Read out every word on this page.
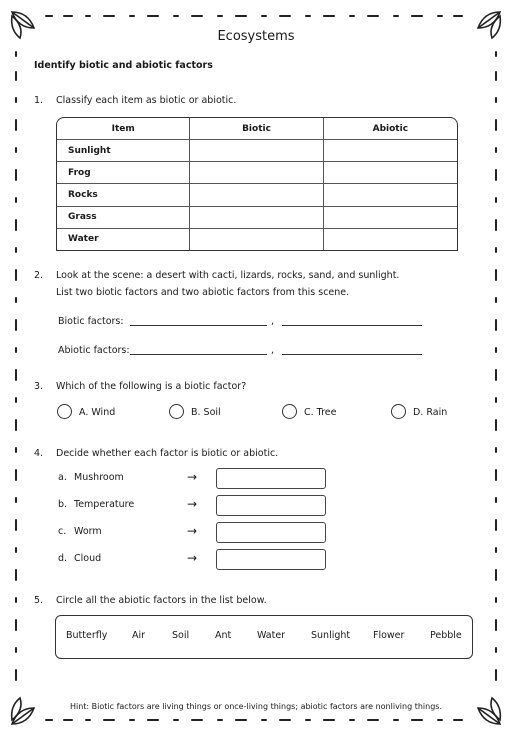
Ecosystems
Identify biotic and abiotic factors
1. Classify each item as biotic or abiotic.
Item	Biotic	Abiotic
Sunlight		
Frog		
Rocks		
Grass		
Water		
2. Look at the scene: a desert with cacti, lizards, rocks, sand, and sunlight.
List two biotic factors and two abiotic factors from this scene.
Biotic factors:	,
Abiotic factors:	,
3. Which of the following is a biotic factor?
A. Wind	B. Soil	C. Tree	D. Rain
4. Decide whether each factor is biotic or abiotic.
a. Mushroom	→
b. Temperature	→
c. Worm	→
d. Cloud	→
5. Circle all the abiotic factors in the list below.
Butterfly	Air	Soil	Ant	Water	Sunlight Flower	Pebble
Hint: Biotic factors are living things or once-living things; abiotic factors are nonliving things.
